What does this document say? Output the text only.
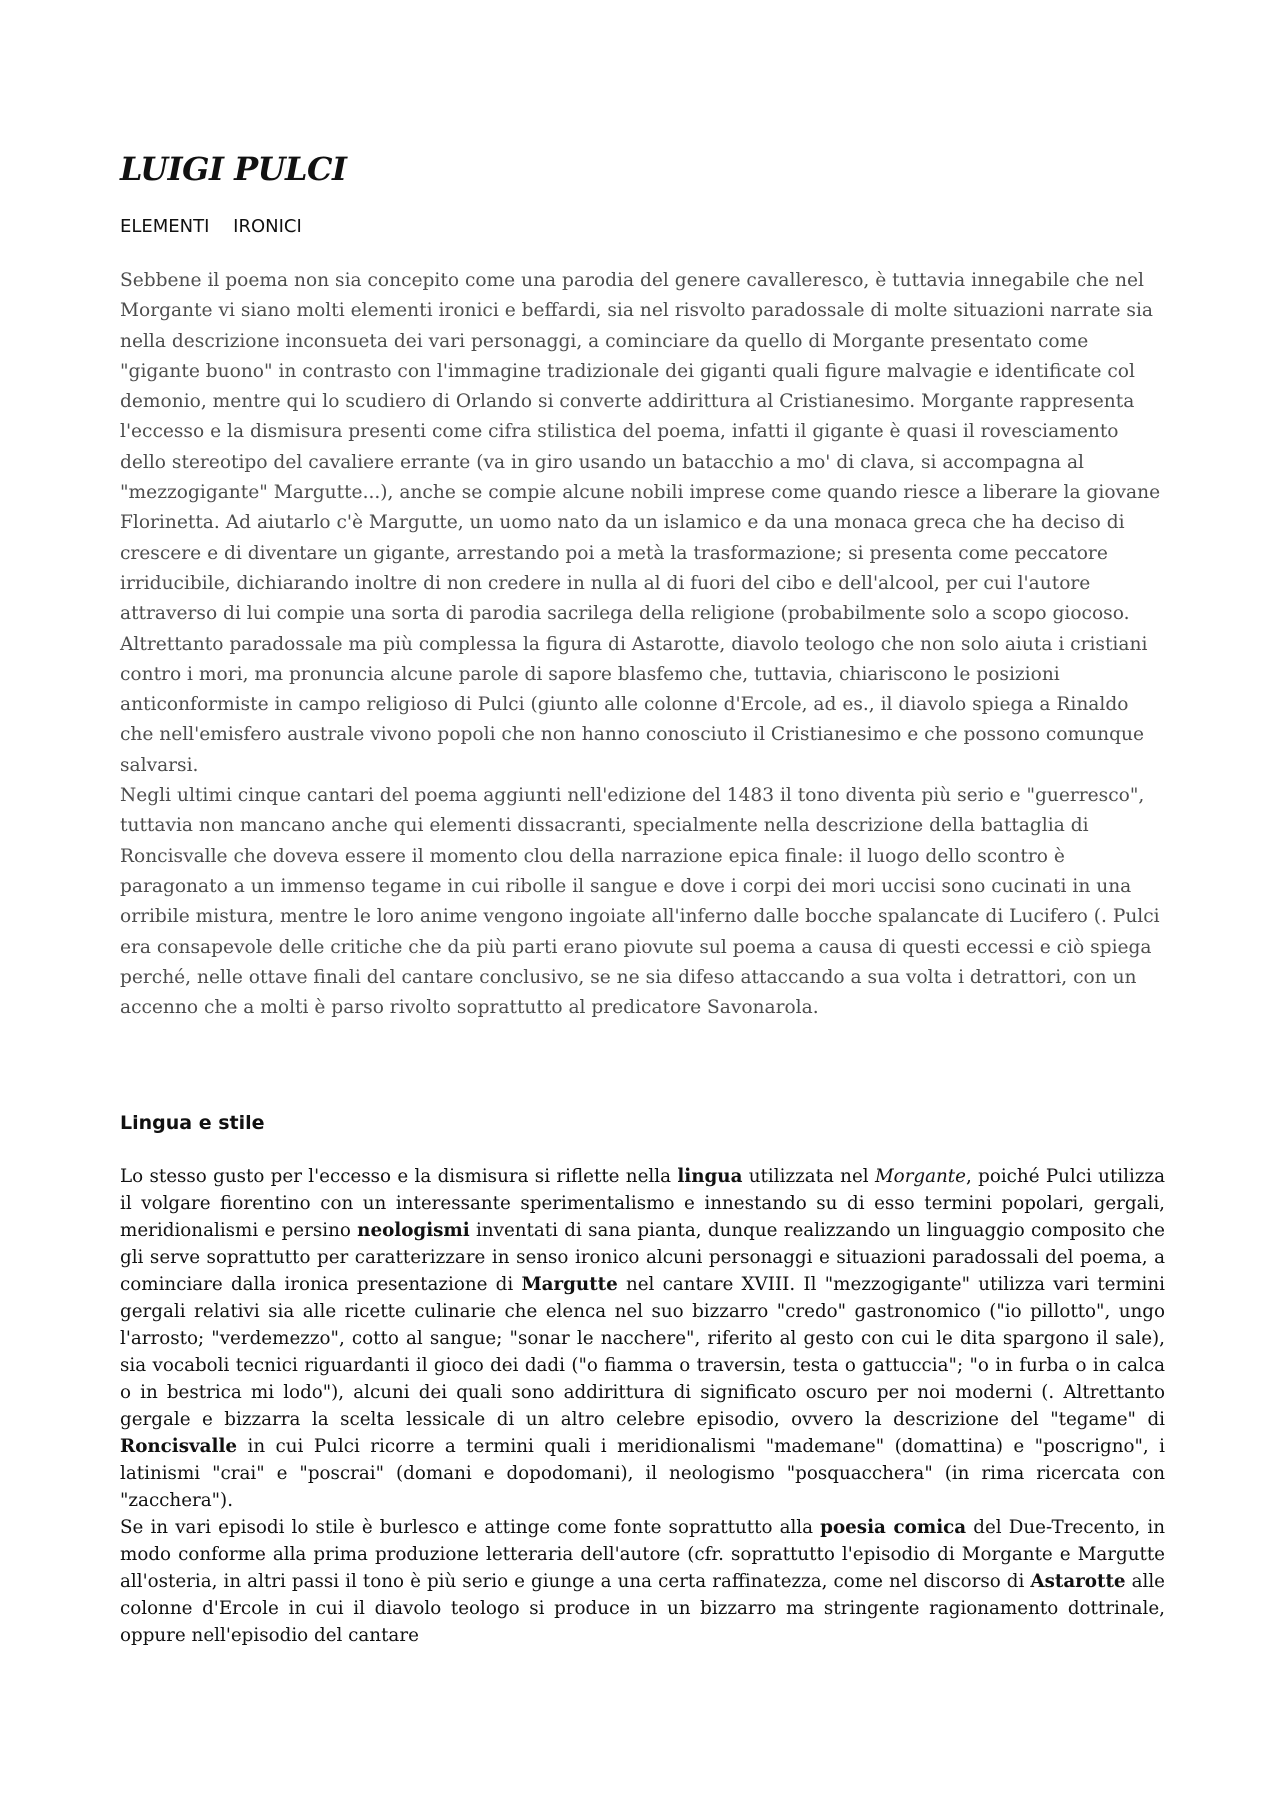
LUIGI PULCI

ELEMENTI IRONICI

Sebbene il poema non sia concepito come una parodia del genere cavalleresco, è tuttavia innegabile che nel Morgante vi siano molti elementi ironici e beffardi, sia nel risvolto paradossale di molte situazioni narrate sia nella descrizione inconsueta dei vari personaggi, a cominciare da quello di Morgante presentato come "gigante buono" in contrasto con l'immagine tradizionale dei giganti quali figure malvagie e identificate col demonio, mentre qui lo scudiero di Orlando si converte addirittura al Cristianesimo. Morgante rappresenta l'eccesso e la dismisura presenti come cifra stilistica del poema, infatti il gigante è quasi il rovesciamento dello stereotipo del cavaliere errante (va in giro usando un batacchio a mo' di clava, si accompagna al "mezzogigante" Margutte...), anche se compie alcune nobili imprese come quando riesce a liberare la giovane Florinetta. Ad aiutarlo c'è Margutte, un uomo nato da un islamico e da una monaca greca che ha deciso di crescere e di diventare un gigante, arrestando poi a metà la trasformazione; si presenta come peccatore irriducibile, dichiarando inoltre di non credere in nulla al di fuori del cibo e dell'alcool, per cui l'autore attraverso di lui compie una sorta di parodia sacrilega della religione (probabilmente solo a scopo giocoso. Altrettanto paradossale ma più complessa la figura di Astarotte, diavolo teologo che non solo aiuta i cristiani contro i mori, ma pronuncia alcune parole di sapore blasfemo che, tuttavia, chiariscono le posizioni anticonformiste in campo religioso di Pulci (giunto alle colonne d'Ercole, ad es., il diavolo spiega a Rinaldo che nell'emisfero australe vivono popoli che non hanno conosciuto il Cristianesimo e che possono comunque salvarsi.
Negli ultimi cinque cantari del poema aggiunti nell'edizione del 1483 il tono diventa più serio e "guerresco", tuttavia non mancano anche qui elementi dissacranti, specialmente nella descrizione della battaglia di Roncisvalle che doveva essere il momento clou della narrazione epica finale: il luogo dello scontro è paragonato a un immenso tegame in cui ribolle il sangue e dove i corpi dei mori uccisi sono cucinati in una orribile mistura, mentre le loro anime vengono ingoiate all'inferno dalle bocche spalancate di Lucifero (. Pulci era consapevole delle critiche che da più parti erano piovute sul poema a causa di questi eccessi e ciò spiega perché, nelle ottave finali del cantare conclusivo, se ne sia difeso attaccando a sua volta i detrattori, con un accenno che a molti è parso rivolto soprattutto al predicatore Savonarola.
Lingua e stile
Lo stesso gusto per l'eccesso e la dismisura si riflette nella lingua utilizzata nel Morgante, poiché Pulci utilizza il volgare fiorentino con un interessante sperimentalismo e innestando su di esso termini popolari, gergali, meridionalismi e persino neologismi inventati di sana pianta, dunque realizzando un linguaggio composito che gli serve soprattutto per caratterizzare in senso ironico alcuni personaggi e situazioni paradossali del poema, a cominciare dalla ironica presentazione di Margutte nel cantare XVIII. Il "mezzogigante" utilizza vari termini gergali relativi sia alle ricette culinarie che elenca nel suo bizzarro "credo" gastronomico ("io pillotto", ungo l'arrosto; "verdemezzo", cotto al sangue; "sonar le nacchere", riferito al gesto con cui le dita spargono il sale), sia vocaboli tecnici riguardanti il gioco dei dadi ("o fiamma o traversin, testa o gattuccia"; "o in furba o in calca o in bestrica mi lodo"), alcuni dei quali sono addirittura di significato oscuro per noi moderni (. Altrettanto gergale e bizzarra la scelta lessicale di un altro celebre episodio, ovvero la descrizione del "tegame" di Roncisvalle in cui Pulci ricorre a termini quali i meridionalismi "mademane" (domattina) e "poscrigno", i latinismi "crai" e "poscrai" (domani e dopodomani), il neologismo "posquacchera" (in rima ricercata con "zacchera").
Se in vari episodi lo stile è burlesco e attinge come fonte soprattutto alla poesia comica del Due-Trecento, in modo conforme alla prima produzione letteraria dell'autore (cfr. soprattutto l'episodio di Morgante e Margutte all'osteria, in altri passi il tono è più serio e giunge a una certa raffinatezza, come nel discorso di Astarotte alle colonne d'Ercole in cui il diavolo teologo si produce in un bizzarro ma stringente ragionamento dottrinale, oppure nell'episodio del cantare
